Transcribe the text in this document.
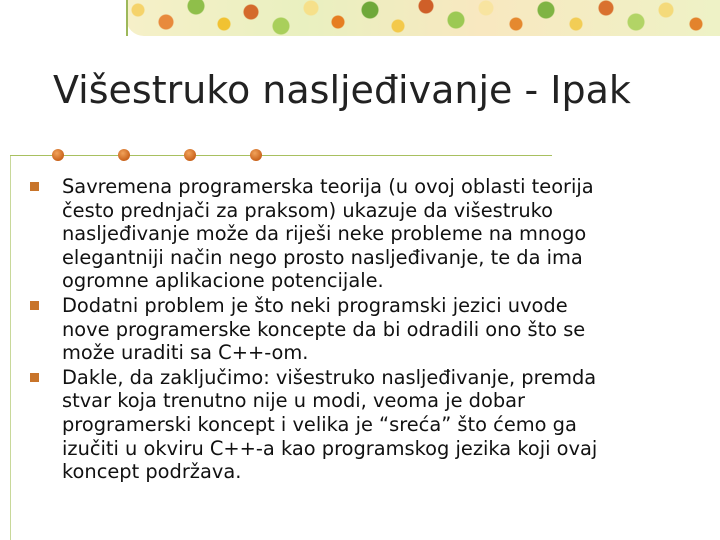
Višestruko nasljeđivanje - Ipak
Savremena programerska teorija (u ovoj oblasti teorija
često prednjači za praksom) ukazuje da višestruko
nasljeđivanje može da riješi neke probleme na mnogo
elegantniji način nego prosto nasljeđivanje, te da ima
ogromne aplikacione potencijale.
Dodatni problem je što neki programski jezici uvode
nove programerske koncepte da bi odradili ono što se
može uraditi sa C++-om.
Dakle, da zaključimo: višestruko nasljeđivanje, premda
stvar koja trenutno nije u modi, veoma je dobar
programerski koncept i velika je “sreća” što ćemo ga
izučiti u okviru C++-a kao programskog jezika koji ovaj
koncept podržava.
